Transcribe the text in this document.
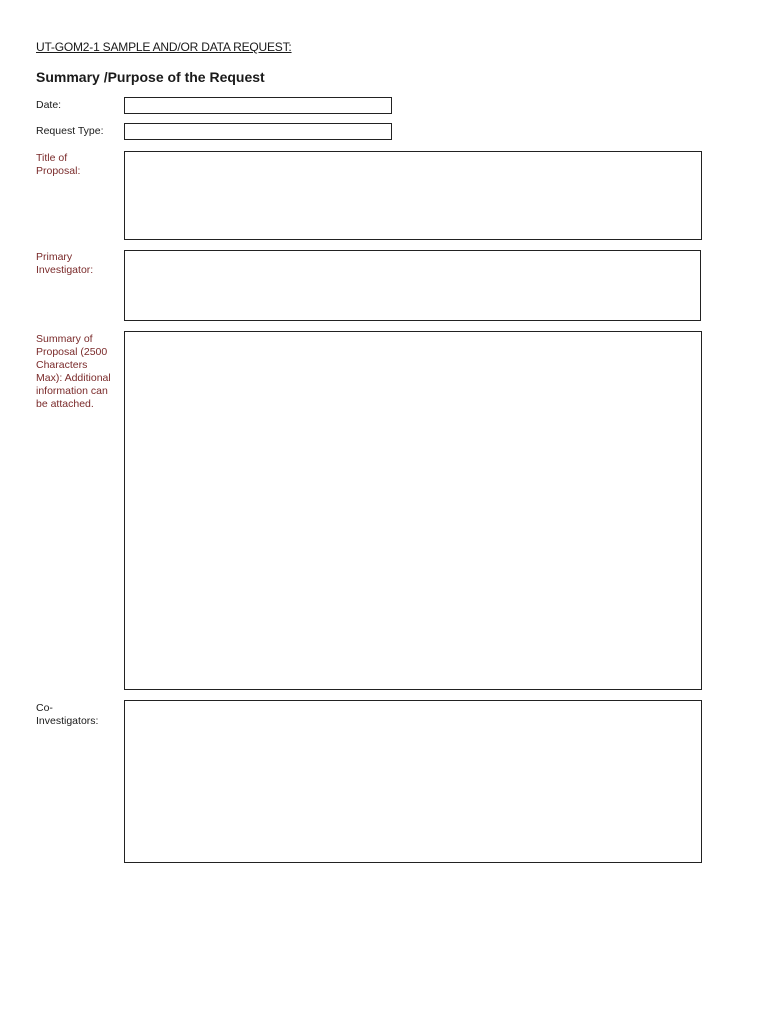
UT-GOM2-1 SAMPLE AND/OR DATA REQUEST:
Summary /Purpose of the Request
Date:
Request Type:
Title of Proposal:
Primary Investigator:
Summary of Proposal (2500 Characters Max): Additional information can be attached.
Co-Investigators:
